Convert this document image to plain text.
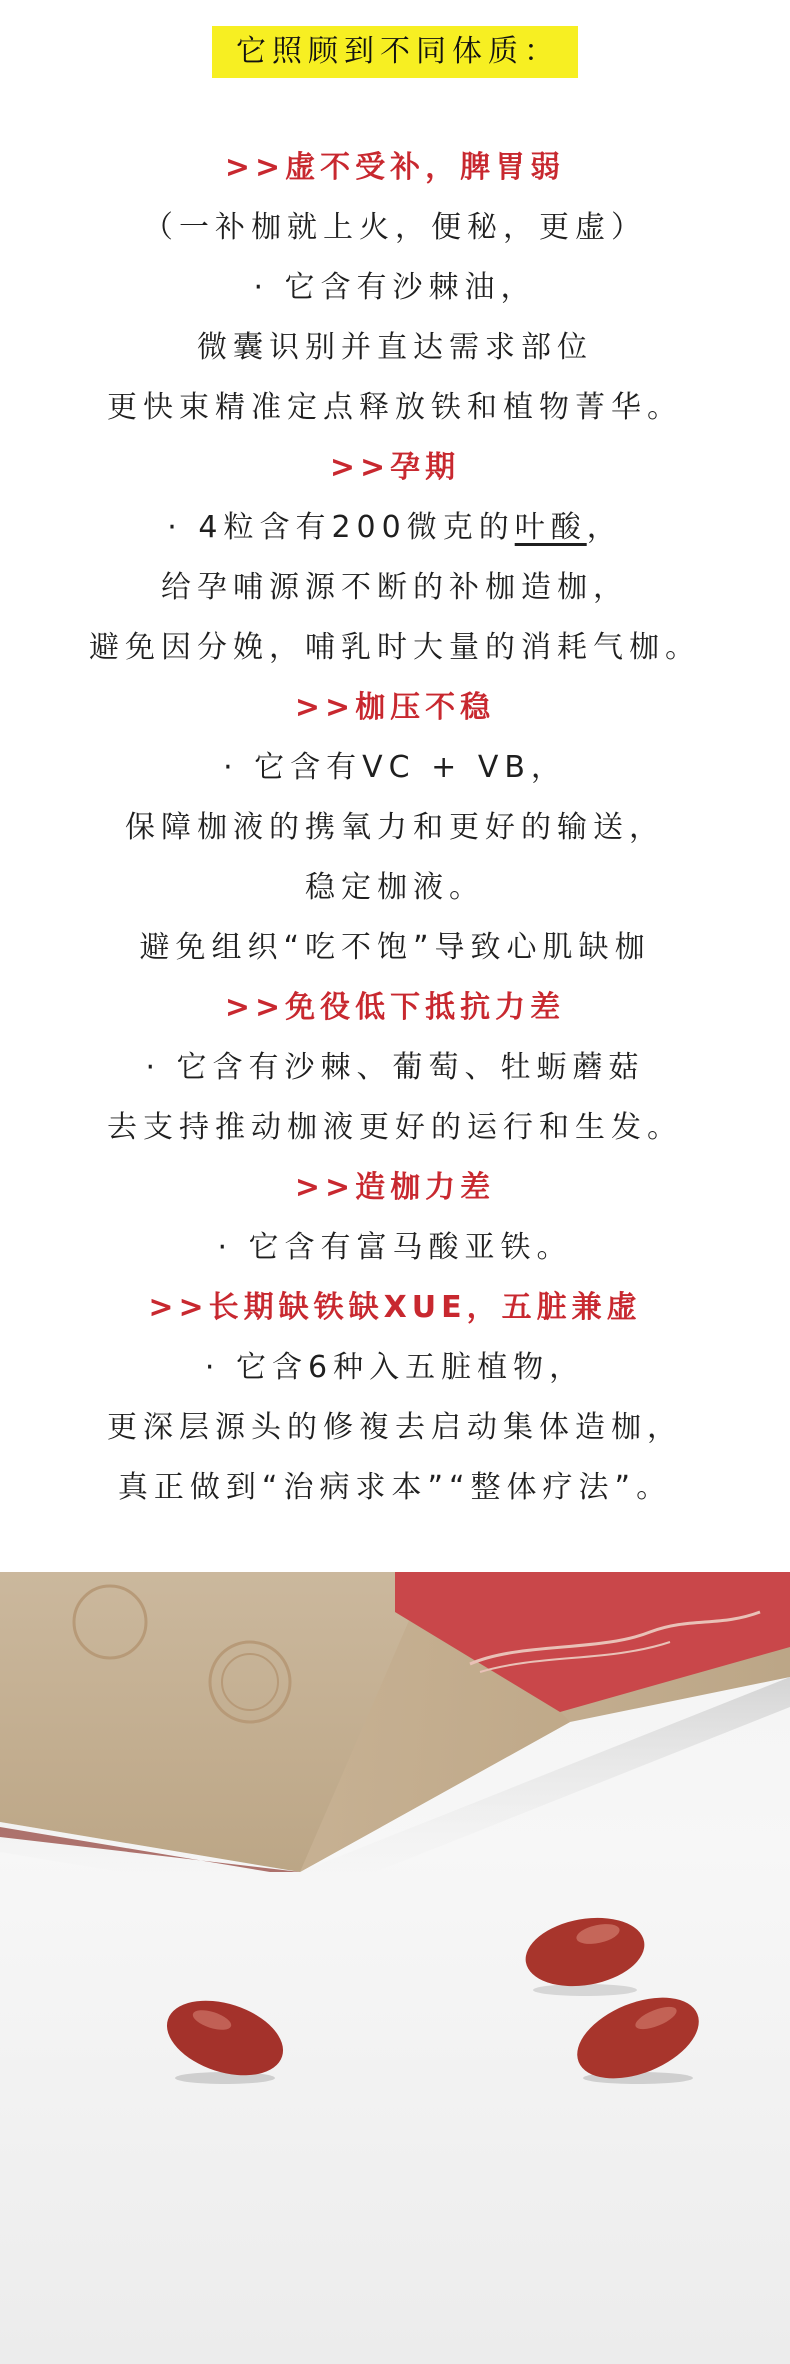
它照顾到不同体质：
>>虚不受补，脾胃弱
（一补枷就上火，便秘，更虚）
· 它含有沙棘油，
微囊识别并直达需求部位
更快束精准定点释放铁和植物菁华。
>>孕期
· 4粒含有200微克的叶酸，
给孕哺源源不断的补枷造枷，
避免因分娩，哺乳时大量的消耗气枷。
>>枷压不稳
· 它含有VC + VB，
保障枷液的携氧力和更好的输送，
稳定枷液。
避免组织“吃不饱”导致心肌缺枷
>>免役低下抵抗力差
· 它含有沙棘、葡萄、牡蛎蘑菇
去支持推动枷液更好的运行和生发。
>>造枷力差
· 它含有富马酸亚铁。
>>长期缺铁缺XUE，五脏兼虚
· 它含6种入五脏植物，
更深层源头的修複去启动集体造枷，
真正做到“治病求本”“整体疗法”。
